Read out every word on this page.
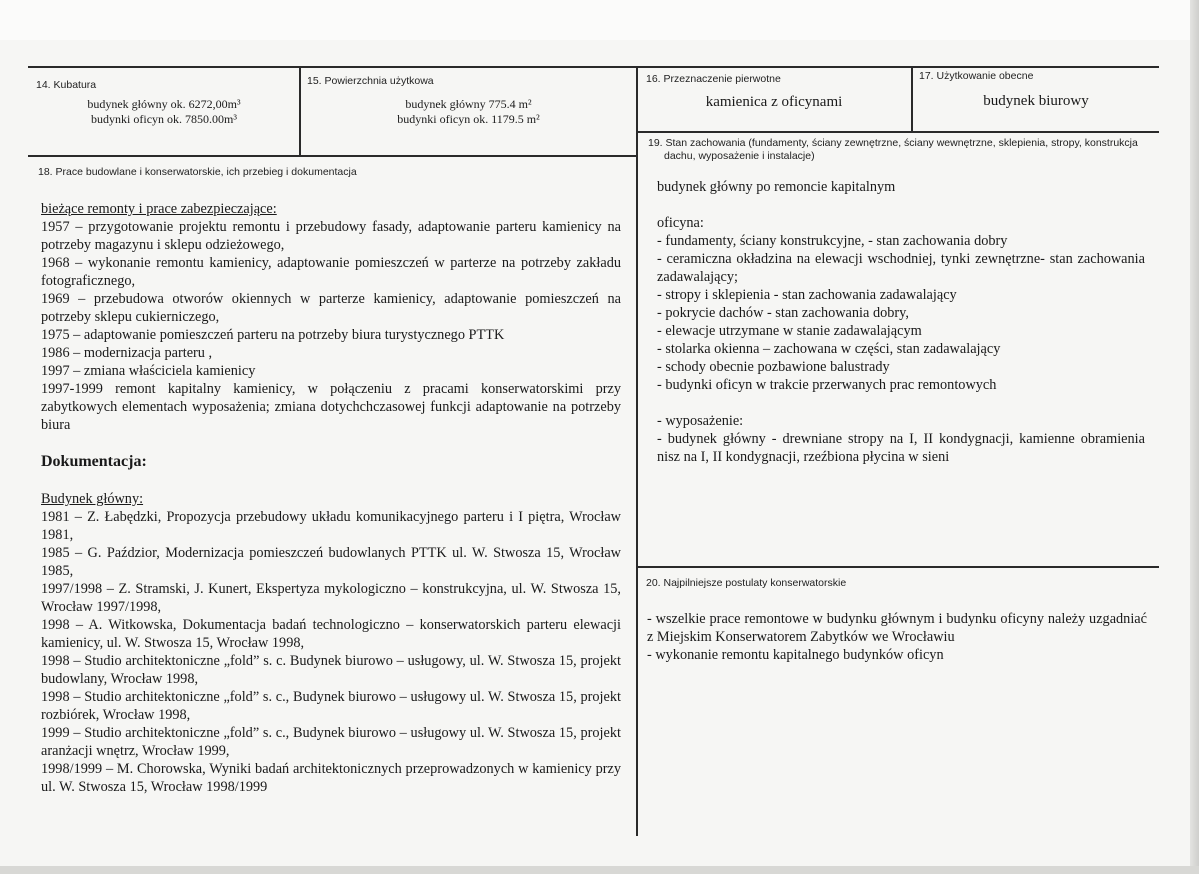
14. Kubatura
budynek główny ok. 6272,00m³
budynki oficyn ok. 7850.00m³
15. Powierzchnia użytkowa
budynek główny 775.4 m²
budynki oficyn ok. 1179.5 m²
16. Przeznaczenie pierwotne
kamienica z oficynami
17. Użytkowanie obecne
budynek biurowy
19. Stan zachowania (fundamenty, ściany zewnętrzne, ściany wewnętrzne, sklepienia, stropy, konstrukcja
dachu, wyposażenie i instalacje)

budynek główny po remoncie kapitalnym

oficyna:

- fundamenty, ściany konstrukcyjne, - stan zachowania dobry

- ceramiczna okładzina na elewacji wschodniej, tynki zewnętrzne- stan zachowania zadawalający;

- stropy i sklepienia - stan zachowania zadawalający

- pokrycie dachów - stan zachowania dobry,

- elewacje utrzymane w stanie zadawalającym

- stolarka okienna – zachowana w części, stan zadawalający

- schody obecnie pozbawione balustrady

- budynki oficyn w trakcie przerwanych prac remontowych

- wyposażenie:

- budynek główny - drewniane stropy na I, II kondygnacji, kamienne obramienia nisz na I, II kondygnacji, rzeźbiona płycina w sieni

18. Prace budowlane i konserwatorskie, ich przebieg i dokumentacja

bieżące remonty i prace zabezpieczające:

1957 – przygotowanie projektu remontu i przebudowy fasady, adaptowanie parteru kamienicy na potrzeby magazynu i sklepu odzieżowego,

1968 – wykonanie remontu kamienicy, adaptowanie pomieszczeń w parterze na potrzeby zakładu fotograficznego,

1969 – przebudowa otworów okiennych w parterze kamienicy, adaptowanie pomieszczeń na potrzeby sklepu cukierniczego,

1975 – adaptowanie pomieszczeń parteru na potrzeby biura turystycznego PTTK

1986 – modernizacja parteru ,

1997 – zmiana właściciela kamienicy

1997-1999 remont kapitalny kamienicy, w połączeniu z pracami konserwatorskimi przy zabytkowych elementach wyposażenia; zmiana dotychchczasowej funkcji adaptowanie na potrzeby biura

Dokumentacja:

Budynek główny:

1981 – Z. Łabędzki, Propozycja przebudowy układu komunikacyjnego parteru i I piętra, Wrocław 1981,

1985 – G. Paździor, Modernizacja pomieszczeń budowlanych PTTK ul. W. Stwosza 15, Wrocław 1985,

1997/1998 – Z. Stramski, J. Kunert, Ekspertyza mykologiczno – konstrukcyjna, ul. W. Stwosza 15, Wrocław 1997/1998,

1998 – A. Witkowska, Dokumentacja badań technologiczno – konserwatorskich parteru elewacji kamienicy, ul. W. Stwosza 15, Wrocław 1998,

1998 – Studio architektoniczne „fold” s. c. Budynek biurowo – usługowy, ul. W. Stwosza 15, projekt budowlany, Wrocław 1998,

1998 – Studio architektoniczne „fold” s. c., Budynek biurowo – usługowy ul. W. Stwosza 15, projekt rozbiórek, Wrocław 1998,

1999 – Studio architektoniczne „fold” s. c., Budynek biurowo – usługowy ul. W. Stwosza 15, projekt aranżacji wnętrz, Wrocław 1999,

1998/1999 – M. Chorowska, Wyniki badań architektonicznych przeprowadzonych w kamienicy przy ul. W. Stwosza 15, Wrocław 1998/1999

20. Najpilniejsze postulaty konserwatorskie

- wszelkie prace remontowe w budynku głównym i budynku oficyny należy uzgadniać z Miejskim Konserwatorem Zabytków we Wrocławiu

- wykonanie remontu kapitalnego budynków oficyn
